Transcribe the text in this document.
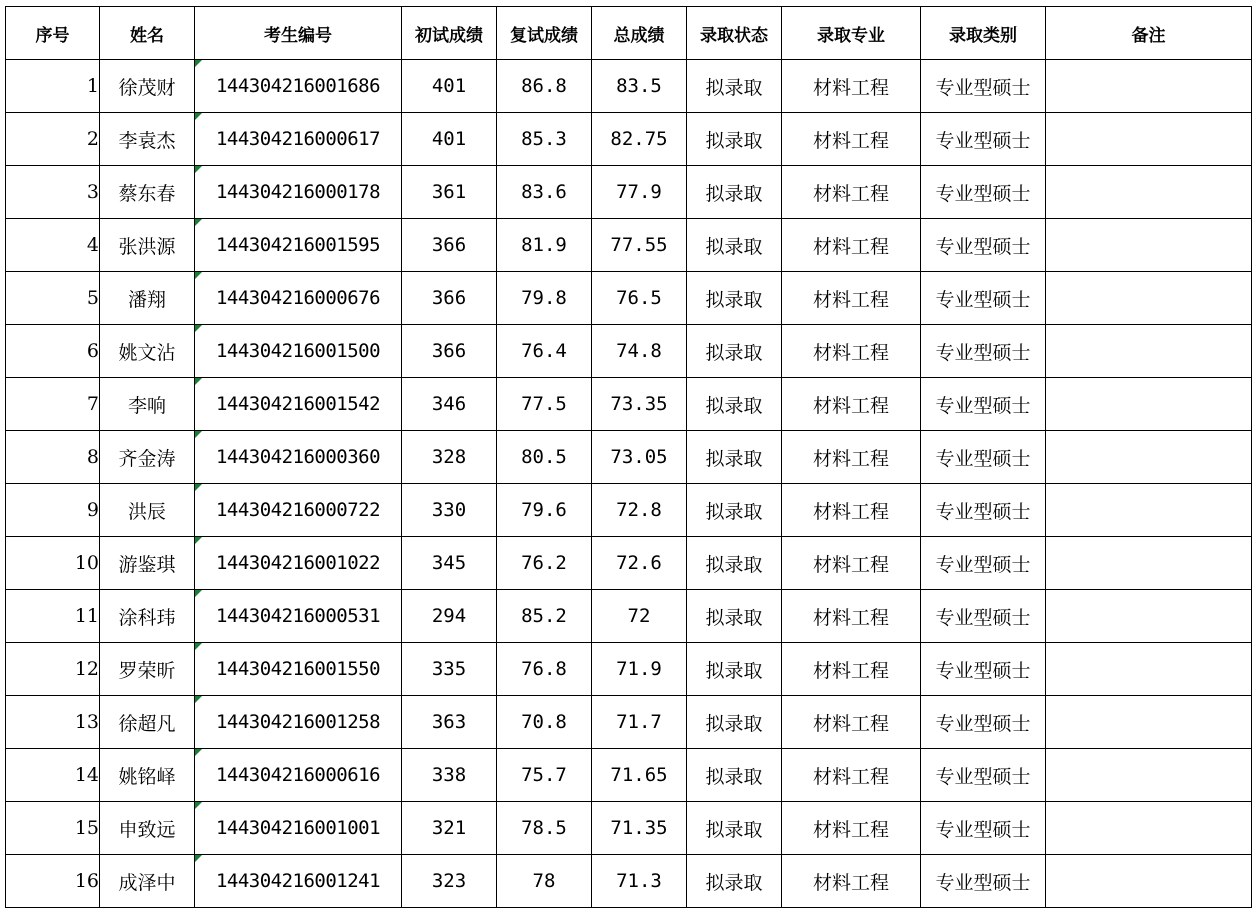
序号	姓名	考生编号	初试成绩	复试成绩	总成绩	录取状态	录取专业	录取类别	备注
1	徐茂财	144304216001686	401	86.8	83.5	拟录取	材料工程	专业型硕士	
2	李袁杰	144304216000617	401	85.3	82.75	拟录取	材料工程	专业型硕士	
3	蔡东春	144304216000178	361	83.6	77.9	拟录取	材料工程	专业型硕士	
4	张洪源	144304216001595	366	81.9	77.55	拟录取	材料工程	专业型硕士	
5	潘翔	144304216000676	366	79.8	76.5	拟录取	材料工程	专业型硕士	
6	姚文沾	144304216001500	366	76.4	74.8	拟录取	材料工程	专业型硕士	
7	李响	144304216001542	346	77.5	73.35	拟录取	材料工程	专业型硕士	
8	齐金涛	144304216000360	328	80.5	73.05	拟录取	材料工程	专业型硕士	
9	洪辰	144304216000722	330	79.6	72.8	拟录取	材料工程	专业型硕士	
10	游鉴琪	144304216001022	345	76.2	72.6	拟录取	材料工程	专业型硕士	
11	涂科玮	144304216000531	294	85.2	72	拟录取	材料工程	专业型硕士	
12	罗荣昕	144304216001550	335	76.8	71.9	拟录取	材料工程	专业型硕士	
13	徐超凡	144304216001258	363	70.8	71.7	拟录取	材料工程	专业型硕士	
14	姚铭峄	144304216000616	338	75.7	71.65	拟录取	材料工程	专业型硕士	
15	申致远	144304216001001	321	78.5	71.35	拟录取	材料工程	专业型硕士	
16	成泽中	144304216001241	323	78	71.3	拟录取	材料工程	专业型硕士	
